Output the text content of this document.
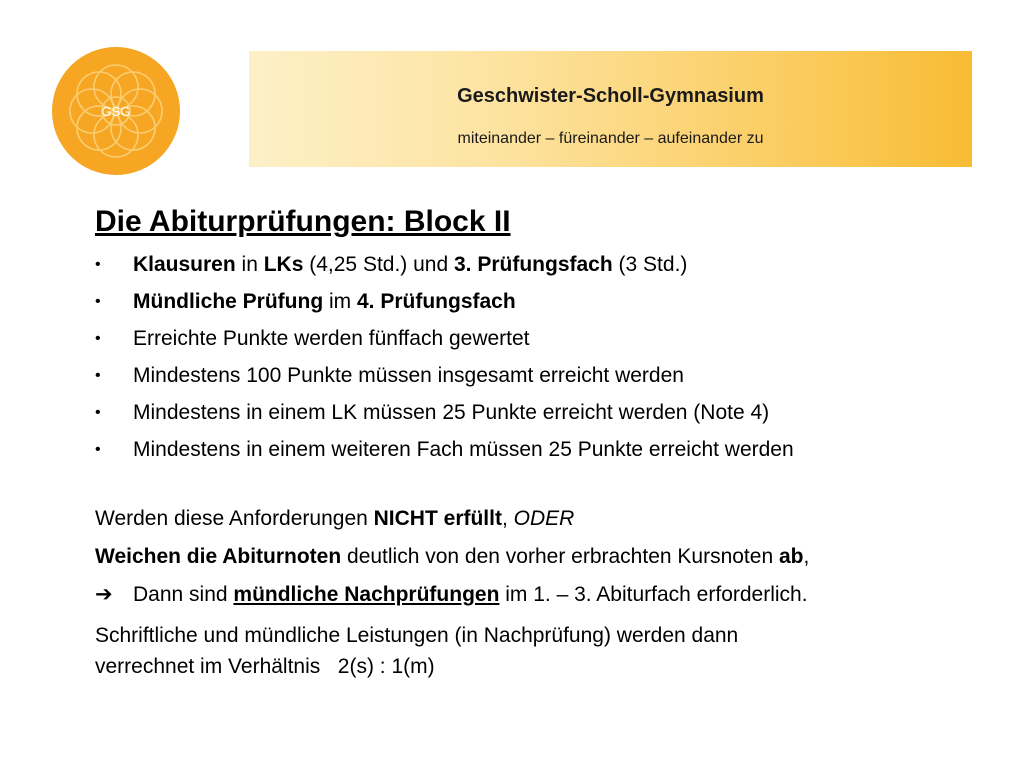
GSG
Geschwister-Scholl-Gymnasium
miteinander – füreinander – aufeinander zu
Die Abiturprüfungen: Block II
•	Klausuren in LKs (4,25 Std.) und 3. Prüfungsfach (3 Std.)
•	Mündliche Prüfung im 4. Prüfungsfach
•	Erreichte Punkte werden fünffach gewertet
•	Mindestens 100 Punkte müssen insgesamt erreicht werden
•	Mindestens in einem LK müssen 25 Punkte erreicht werden (Note 4)
•	Mindestens in einem weiteren Fach müssen 25 Punkte erreicht werden
Werden diese Anforderungen NICHT erfüllt, ODER
Weichen die Abiturnoten deutlich von den vorher erbrachten Kursnoten ab,
➔ Dann sind mündliche Nachprüfungen im 1. – 3. Abiturfach erforderlich.
Schriftliche und mündliche Leistungen (in Nachprüfung) werden dann
verrechnet im Verhältnis   2(s) : 1(m)
